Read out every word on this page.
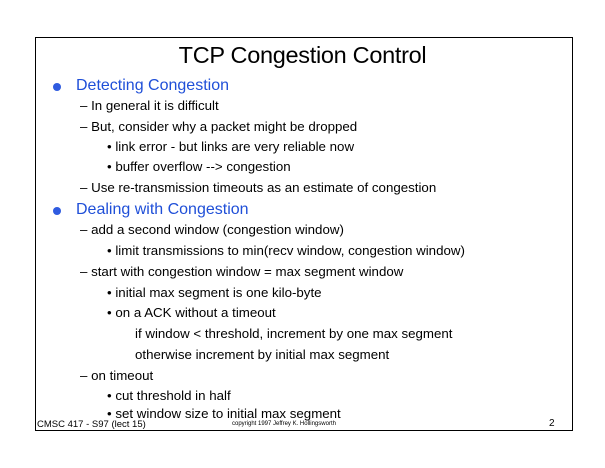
TCP Congestion Control
Detecting Congestion
– In general it is difficult
– But, consider why a packet might be dropped
• link error - but links are very reliable now
• buffer overflow --> congestion
– Use re-transmission timeouts as an estimate of congestion
Dealing with Congestion
– add a second window (congestion window)
• limit transmissions to min(recv window, congestion window)
– start with congestion window = max segment window
• initial max segment is one kilo-byte
• on a ACK without a timeout
if window < threshold, increment by one max segment
otherwise increment by initial max segment
– on timeout
• cut threshold in half
• set window size to initial max segment
CMSC 417 - S97 (lect 15)	copyright 1997 Jeffrey K. Hollingsworth	2
